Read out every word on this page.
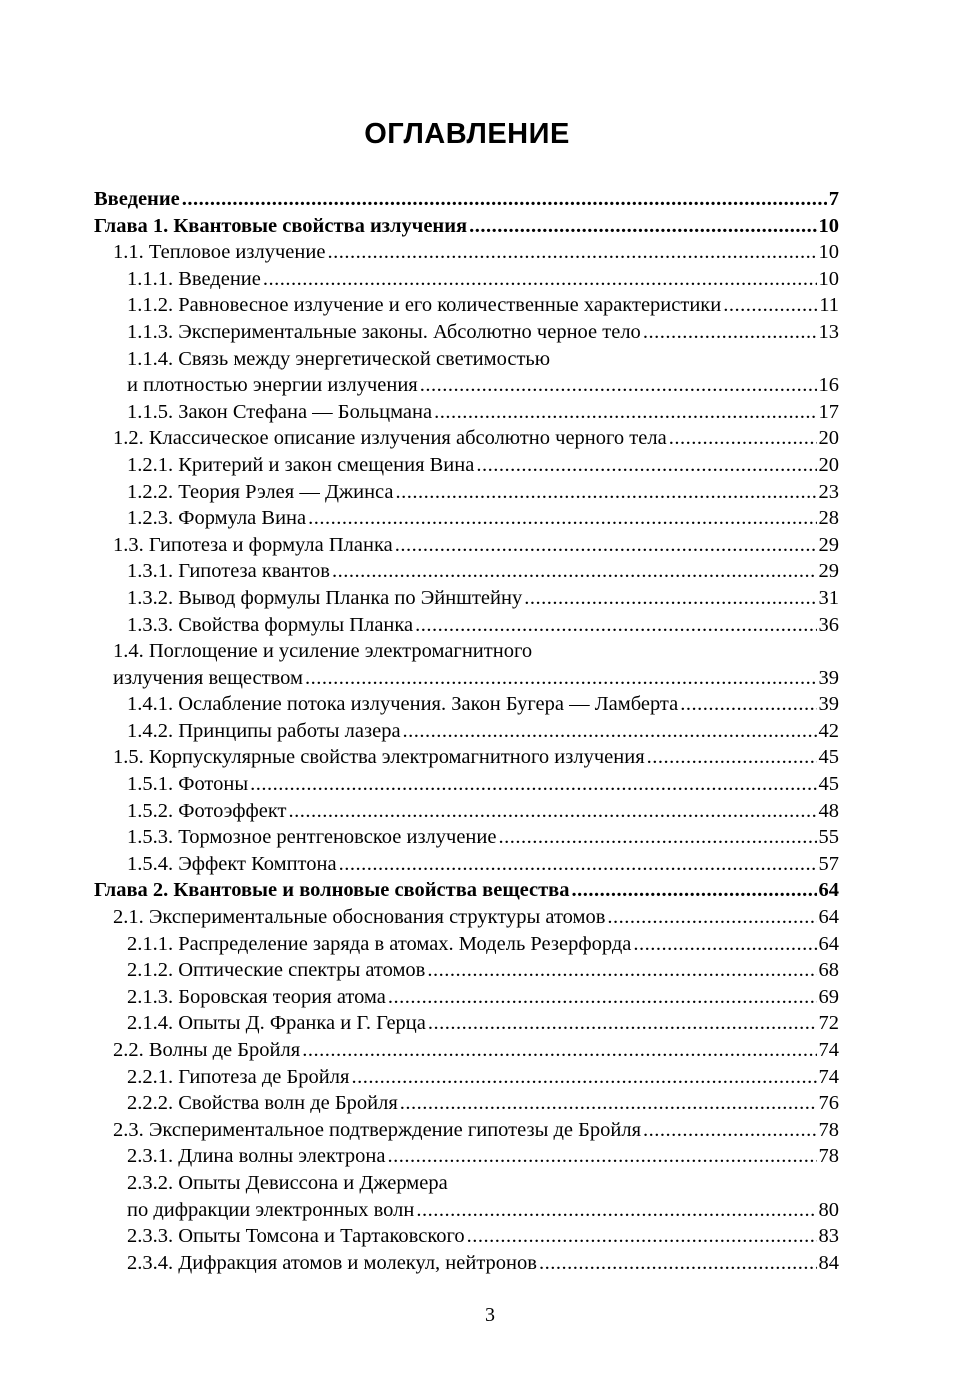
ОГЛАВЛЕНИЕ
Введение .....	7
Глава 1. Квантовые свойства излучения .....	10
1.1. Тепловое излучение .....	10
1.1.1. Введение .....	10
1.1.2. Равновесное излучение и его количественные характеристики .....	11
1.1.3. Экспериментальные законы. Абсолютно черное тело .....	13
1.1.4. Связь между энергетической светимостью
и плотностью энергии излучения .....	16
1.1.5. Закон Стефана — Больцмана .....	17
1.2. Классическое описание излучения абсолютно черного тела .....	20
1.2.1. Критерий и закон смещения Вина .....	20
1.2.2. Теория Рэлея — Джинса .....	23
1.2.3. Формула Вина .....	28
1.3. Гипотеза и формула Планка .....	29
1.3.1. Гипотеза квантов .....	29
1.3.2. Вывод формулы Планка по Эйнштейну .....	31
1.3.3. Свойства формулы Планка .....	36
1.4. Поглощение и усиление электромагнитного
излучения веществом .....	39
1.4.1. Ослабление потока излучения. Закон Бугера — Ламберта .....	39
1.4.2. Принципы работы лазера .....	42
1.5. Корпускулярные свойства электромагнитного излучения .....	45
1.5.1. Фотоны .....	45
1.5.2. Фотоэффект .....	48
1.5.3. Тормозное рентгеновское излучение .....	55
1.5.4. Эффект Комптона .....	57
Глава 2. Квантовые и волновые свойства вещества .....	64
2.1. Экспериментальные обоснования структуры атомов .....	64
2.1.1. Распределение заряда в атомах. Модель Резерфорда .....	64
2.1.2. Оптические спектры атомов .....	68
2.1.3. Боровская теория атома .....	69
2.1.4. Опыты Д. Франка и Г. Герца .....	72
2.2. Волны де Бройля .....	74
2.2.1. Гипотеза де Бройля .....	74
2.2.2. Свойства волн де Бройля .....	76
2.3. Экспериментальное подтверждение гипотезы де Бройля .....	78
2.3.1. Длина волны электрона .....	78
2.3.2. Опыты Девиссона и Джермера
по дифракции электронных волн .....	80
2.3.3. Опыты Томсона и Тартаковского .....	83
2.3.4. Дифракция атомов и молекул, нейтронов .....	84
3
